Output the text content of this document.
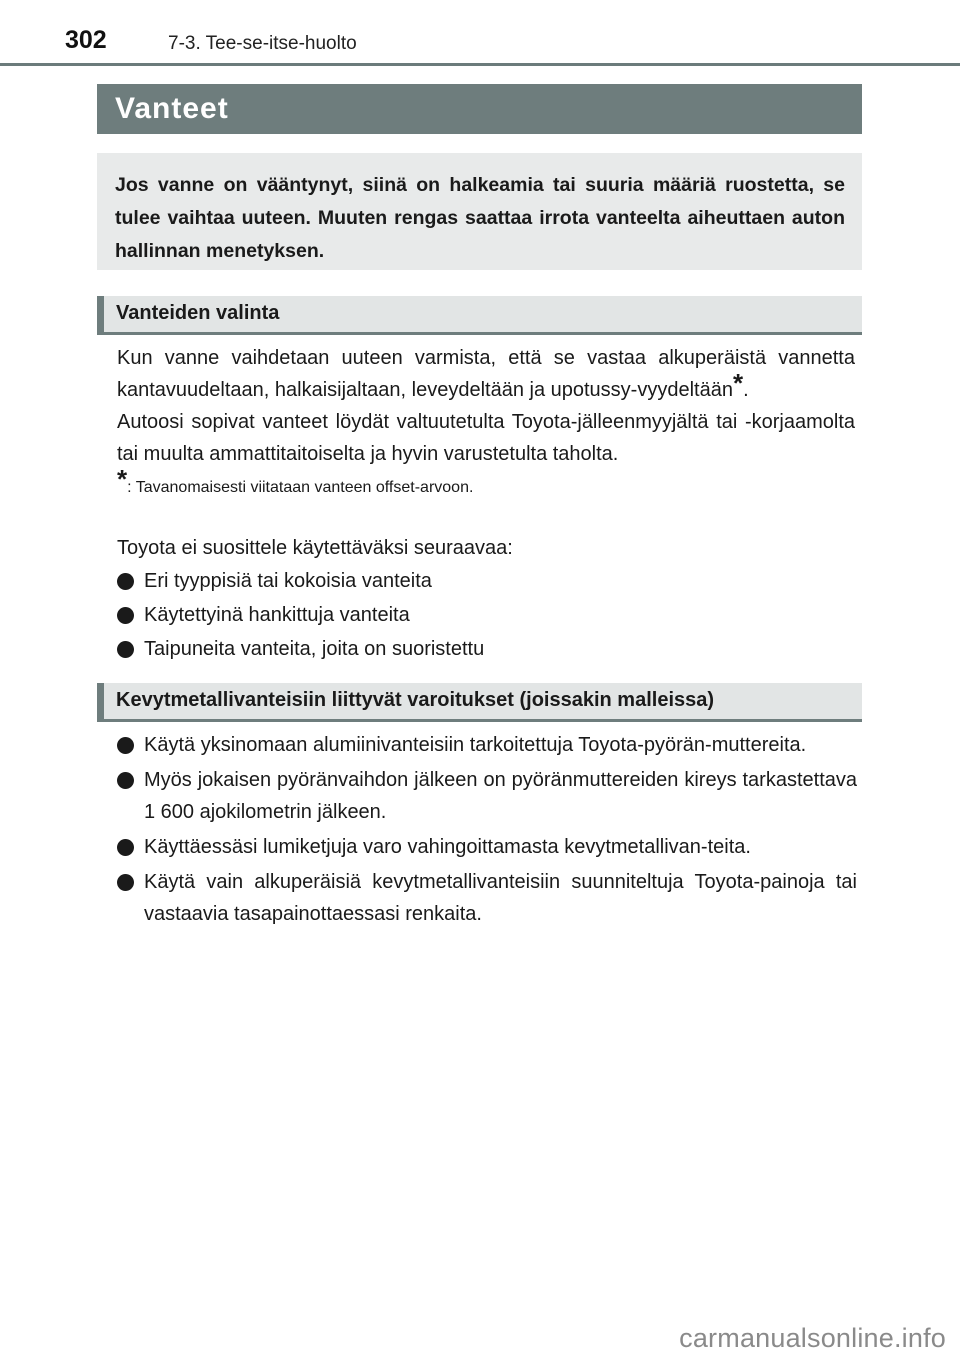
302	7-3. Tee-se-itse-huolto
Vanteet
Jos vanne on vääntynyt, siinä on halkeamia tai suuria määriä ruostetta, se tulee vaihtaa uuteen. Muuten rengas saattaa irrota vanteelta aiheuttaen auton hallinnan menetyksen.
Vanteiden valinta
Kun vanne vaihdetaan uuteen varmista, että se vastaa alkuperäistä vannetta kantavuudeltaan, halkaisijaltaan, leveydeltään ja upotussy-vyydeltään*.
Autoosi sopivat vanteet löydät valtuutetulta Toyota-jälleenmyyjältä tai -korjaamolta tai muulta ammattitaitoiselta ja hyvin varustetulta taholta.
*: Tavanomaisesti viitataan vanteen offset-arvoon.
Toyota ei suosittele käytettäväksi seuraavaa:
Eri tyyppisiä tai kokoisia vanteita
Käytettyinä hankittuja vanteita
Taipuneita vanteita, joita on suoristettu
Kevytmetallivanteisiin liittyvät varoitukset (joissakin malleissa)
Käytä yksinomaan alumiinivanteisiin tarkoitettuja Toyota-pyörän-muttereita.
Myös jokaisen pyöränvaihdon jälkeen on pyöränmuttereiden kireys tarkastettava 1 600 ajokilometrin jälkeen.
Käyttäessäsi lumiketjuja varo vahingoittamasta kevytmetallivan-teita.
Käytä vain alkuperäisiä kevytmetallivanteisiin suunniteltuja Toyota-painoja tai vastaavia tasapainottaessasi renkaita.
carmanualsonline.info
